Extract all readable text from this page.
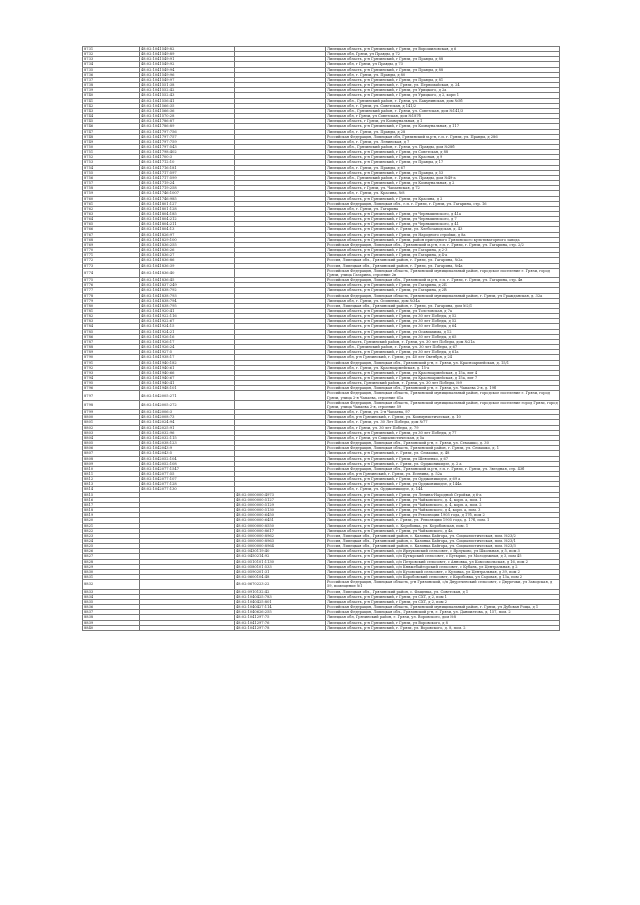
8731	48:02:1041549:82		Липецкая область, р-н Грязинский, г Грязи, ул Ворошиловская, д 6
8732	48:02:1041549:89		Липецкая обл, Грязи, ул Правды, д 72
8733	48:02:1041549:91		Липецкая область, р-н Грязинский, г Грязи, ул Правды, д 88
8734	48:02:1041549:92		Липецкая обл, г Грязи, ул Правды, д 73
8735	48:02:1041549:94		Липецкая область, р-н Грязинский, г Грязи, ул Правды, д 88
8736	48:02:1041549:96		Липецкая обл, г. Грязи, ул. Правды, д 80
8737	48:02:1041549:97		Липецкая область, р-н Грязинский, г Грязи, ул Правды, д 81
8738	48:02:1041551:38		Липецкая область, р-н Грязинский, г. Грязи, ул. Первомайская, д. 24
8739	48:02:1041552:42		Липецкая область, р-н Грязинский, г Грязи, ул Урицкого, д 2а
8740	48:02:1041552:43		Липецкая область, р-н Грязинский, г Грязи, ул Урицкого, д 2, корп 1
8741	48:02:1041556:41		Липецкая обл., Грязинский район, г. Грязи, ул. Бакунинская, дом №5б
8742	48:02:1041566:35		Липецкая обл, г. Грязи, ул. Советская, д 141/2
8743	48:02:1041566:36		Липецкая обл., Грязинский район, г. Грязи, ул. Советская, дом №141/3
8744	48:02:1041570:28		Липецкая обл, г Грязи, ул Советская, дом №187б
8745	48:02:1041786:87		Липецкая область, г Грязи, ул Коммунальная, д 1
8746	48:02:1041786:89		Липецкая область, р-н Грязинский, г Грязи, ул Коммунальная, д 117
8747	48:02:1041797:756		Липецкая обл, г. Грязи, ул. Правды, д 28
8748	48:02:1041797:757		Российская Федерация, Липецкая обл, Грязинский м.р-н, г.п. г. Грязи, ул. Правды, д 286
8749	48:02:1041797:759		Липецкая обл, г. Грязи, ул. Ленинская, д 7
8750	48:02:1041797:543		Липецкая обл., Грязинский район, г. Грязи, ул. Правды, дом №28б
8751	48:02:1041798:402		Липецкая область, р-н Грязинский, г Грязи, ул Советская, д 88
8752	48:02:1041700:3		Липецкая область, р-н Грязинский, г Грязи, ул Красная, д 9
8753	48:02:1041712:10		Липецкая область, р-н Грязинский, г Грязи, ул Правды, д 17
8754	48:02:1041716:181		Липецкая обл, г. Грязи, ул. Правды, д 67
8755	48:02:1041717:597		Липецкая область, р-н Грязинский, г Грязи, ул Правды, д 53
8756	48:02:1041717:599		Липецкая обл., Грязинский район, г. Грязи, ул. Правды, дом №49-а
8757	48:02:1041719:24		Липецкая область, р-н Грязинский, г Грязи, ул Коммунальная, д 2
8758	48:02:1041719:258		Липецкая область, г Грязи, ул. Чапаевская, д 72
8759	48:02:1041746:1007		Липецкая обл, г. Грязи, ул. Красина, №8
8760	48:02:1041746:985		Липецкая область, р-н Грязинский, г Грязи, ул Красина, д 2
8761	48:02:1041801:127		Российская Федерация, Липецкая обл., г.п. г. Грязи, г. Грязи, ул. Гагарина, стр. 16
8762	48:02:1041801:128		Липецкая обл, г. Грязи, ул. Гагарина
8763	48:02:1041804:185		Липецкая область, р-н Грязинский, г Грязи, ул Чернышевского, д 41а
8764	48:02:1041804:212		Липецкая область, р-н Грязинский, г Грязи, ул Чернышевского, д 7
8765	48:02:1041804:211		Липецкая область, р-н Грязинский, г Грязи, ул Чернышевского, д 41
8766	48:02:1041804:13		Липецкая область, р-н Грязинский, г. Грязи, ул. Хлебозаводская, д. 43
8767	48:02:1041826:97		Липецкая область, р-н Грязинский, г Грязи, ул Народного стройки, д 8а
8768	48:02:1041829:100		Липецкая область, р-н Грязинский, г Грязи, район пригодного Грязинского культиваторного завода
8769	48:02:1041836:255		Российская Федерация, Липецкая обл., Грязинский м.р-н, г.п. г. Грязи, г. Грязи, ул. Гагарина, стр. 2/2
8770	48:02:1041836:26		Липецкая область, р-н Грязинский, г Грязи, ул Гагарина, д 2-3
8771	48:02:1041836:27		Липецкая область, р-н Грязинский, г Грязи, ул Гагарина, д 4-а
8772	48:02:1041836:86		Россия, Липецкая обл., Грязинский район, г. Грязи, ул. Гагарина, №2а
8773	48:02:1041836:39		Россия, Липецкая обл., Грязинский район, г. Грязи, ул. Гагарина, №4а
8774	48:02:1041836:40		Российская Федерация, Липецкая область, Грязинский муниципальный район, городское поселение г. Грязи, город Грязи, улица Гагарина, строение 2в
8775	48:02:1041836:45		Российская Федерация, Липецкая обл., Грязинский м.р-н, г.п. г. Грязи, г. Грязи, ул. Гагарина, стр. 4в
8776	48:02:1041837:249		Липецкая область, р-н Грязинский, г Грязи, ул Гагарина, д 2Б
8777	48:02:1041838:792		Липецкая область, р-н Грязинский, г Грязи, ул Гагарина, д 2В
8778	48:02:1041838:793		Российская Федерация, Липецкая область, Грязинский муниципальный район, г. Грязи, ул Гражданская, д. 32а
8779	48:02:1041838:794		Липецкая обл, г. Грязи, ул. Осипенко, дом №34а
8780	48:02:1041838:795		Россия, Липецкая обл., Грязинский район, г. Грязи, ул. Гагарина, дом №2/1
8781	48:02:1041920:41		Липецкая область, р-н Грязинский, г Грязи, ул Толстовская, д 7а
8782	48:02:1041922:116		Липецкая область, р-н Грязинский, г Грязи, ул 30 лет Победы, д 52
8783	48:02:1041922:67		Липецкая область, р-н Грязинский, г Грязи, ул 30 лет Победы, д 52
8784	48:02:1041924:15		Липецкая область, р-н Грязинский, г Грязи, ул 30 лет Победы, д 64
8785	48:02:1041924:21		Липецкая область, р-н Грязинский, г Грязи, ул Осавиахима, д 12
8786	48:02:1041926:16		Липецкая область, р-н Грязинский, г Грязи, ул 30 лет Победы, д 65
8787	48:02:1041926:17		Липецкая область, Грязинский район, г. Грязи, ул. 30 лет Победы, дом №21а
8788	48:02:1041926:24		Липецкая обл., Грязинский район, г. Грязи, ул. 30 лет Победы, д 67
8789	48:02:1041927:5		Липецкая область, р-н Грязинский, г Грязи, ул 30 лет Победы, д 61а
8790	48:02:1041938:17		Липецкая обл, р-н Грязинский, г. Грязи, ул. 40 лет Октября, д 24
8791	48:02:1041940:182		Российская Федерация, Липецкая обл., Грязинский р-н, г. Грязи, ул. Красноармейская, д. 15/1
8792	48:02:1041940:61		Липецкая обл, г. Грязи, ул. Красноармейская, д. 15-а
8793	48:02:1041940:66		Липецкая область, р-н Грязинский, г Грязи, ул Красноармейская, д 15а, лит 4
8794	48:02:1041940:67		Липецкая область, р-н Грязинский, г Грязи, ул Красноармейская, д 15а, лит 7
8795	48:02:1041940:41		Липецкая область, Грязинский район, г. Грязи, ул. 30 лет Победы, №9
8796	48:02:1041948:101		Российская Федерация, Липецкая обл., Грязинский р-н, г. Грязи, ул. Чапаева 2-я, д. 19б
8797	48:02:1042005:271		Российская Федерация, Липецкая область, Грязинский муниципальный район, городское поселение г. Грязи, город Грязи, улица 2-я Чапаева, строение 61а
8798	48:02:1042005:272		Российская Федерация, Липецкая область, Грязинский муниципальный район, городское поселение город Грязи, город Грязи, улица Чапаева 2-я, строение 59
8799	48:02:1042006:3		Липецкая обл, г. Грязи, ул. 2-я Чапаева, 97
8800	48:02:1042008:73		Липецкая обл, р-н Грязинский, г. Грязи, ул. Коммунистическая, д. 10
8801	48:02:1042024:94		Липецкая обл, г. Грязи, ул. 30 Лет Победы, дом №77
8802	48:02:1042025:91		Липецкая обл, г Грязи, ул. 30 лет Победы, д. 79
8803	48:02:1042032:96		Липецкая область, р-н Грязинский, г Грязи, ул 30 лет Победы, д 77
8804	48:02:1042032:115		Липецкая обл, г Грязи, ул Социалистическая, д 5а
8805	48:02:1042038:123		Российская Федерация, Липецкая обл., Грязинский р-н, г. Грязи, ул. Семашко, д. 30
8806	48:02:1042043:9		Российская Федерация, Липецкая область, Грязинский район, г. Грязи, ул. Семашко, д. 1
8807	48:02:1042043:5		Липецкая область, р-н Грязинский, г. Грязи, ул. Семашко, д. 48
8808	48:02:1042052:104		Липецкая область, р-н Грязинский, г Грязи, ул Шевченко, д 67
8809	48:02:1042052:108		Липецкая область, р-н Грязинский, г. Грязи, ул. Орджоникидзе, д. 2 а
8810	48:02:1042077:1547		Российская Федерация, Липецкая обл., Грязинский м.р-н, г.п. г. Грязи, г. Грязи, ул. Звездная, стр. 43б
8811	48:02:1042077:55		Липецкая обл, р-н Грязинский, г. Грязи, ул. Есенина, д. 52а
8812	48:02:1042077:107		Липецкая область, р-н Грязинский, г Грязи, ул Орджоникидзе, д 69 а
8813	48:02:1042077:128		Липецкая область, р-н Грязинский, г Грязи, ул Орджоникидзе, д 144а
8814	48:02:1042077:130		Липецкая обл, г. Грязи, ул. Орджоникидзе, д. 144
8815		48:02:0000000:4973	Липецкая область, р-н Грязинский, г Грязи, ул Ленина-Народной Стройки, д 6-а
8816		48:02:0000000:5127	Липецкая область, р-н Грязинский, г Грязи, ул Чайковского, д. 4, корп. а, пом. 1
8817		48:02:0000000:5129	Липецкая область, р-н Грязинский, г Грязи, ул Чайковского, д. 4, корп. а, пом. 2
8818		48:02:0000000:5130	Липецкая область, р-н Грязинский, г Грязи, ул Чайковского, д 4, корп. а, пом. 3
8819		48:02:0000000:6450	Липецкая область, р-н Грязинский, г Грязи, ул Революции 1905 года, д 17б, пом 2
8820		48:02:0000000:6451	Липецкая область, р-н Грязинский, г. Грязи, ул. Революции 1905 года, д. 17б, пом. 1
8821		48:02:0000000:8550	Липецкая область, р-н Грязинский, с. Коробовка, ул. Коробовская, пом. 1
8822		48:02:0000000:8617	Липецкая область, р-н Грязинский, г Грязи, ул Чайковского, д 4а
8823		48:02:0000000:8962	Россия, Липецкая обл., Грязинский район, с. Казинка Байгора, ул. Социалистическая, пом. №23/2
8824		48:02:0000000:8963	Россия, Липецкая обл., Грязинский район, с. Казинка Байгора, ул. Социалистическая, пом. №23/1
8825		48:02:0000000:8964	Россия, Липецкая обл., Грязинский район, с. Казинка Байгора, ул. Социалистическая, пом. №23/3
8826		48:02:0430119:40	Липецкая область, р-н Грязинский, с/п Ярлуковский сельсовет, с Ярлуково, ул Школьная, д 5, пом 3
8827		48:02:0450214:92	Липецкая область, р-н Грязинский, с/п Бутырский сельсовет, с Бутырки, ул Молодежная, д 3, пом 45
8828		48:02:0510101:1130	Липецкая область, р-н Грязинский, с/п Петровский сельсовет, с Анновка, ул Комсомольская, д 16, пом 2
8829		48:02:0580101:533	Липецкая область, р-н Грязинский, с/п Княжебайгорский сельсовет, с Кубань, ул Центральная, д 2
8830		48:02:0590201:31	Липецкая область, р-н Грязинский, с/п Кузовский сельсовет, с Кузовка, ул Центральная, д 39, пом 2
8831		48:02:0600104:48	Липецкая область, р-н Грязинский, с/п Коробовский сельсовет, с Коробовка, ул Садовая, д 13а, пом 2
8832		48:02:0670223:22	Российская Федерация, Липецкая область, р-н Грязинский, с/п Двуреченский сельсовет, с Двуречки, ул Заводская, д 59, помещение №1
8833		48:02:0910132:42	Россия, Липецкая обл., Грязинский район, с. Фащевка, ул. Советская, д 1
8834		48:02:1040425:783	Липецкая область, р-н Грязинский, г Грязи, ул СХТ, д 2, пом 1
8835		48:02:1040425:801	Липецкая область, р-н Грязинский, г Грязи, ул СХТ, д 2, пом 2
8836		48:02:1040427:114	Российская Федерация, Липецкая область, Грязинский муниципальный район, г. Грязи, ул Дубовая Роща, д 1
8837		48:02:1040626:255	Российская Федерация, Липецкая обл., Грязинский р-н, г. Грязи, ул. Даниилтова, д. 157, пом. 2
8838		48:02:1041297:75	Липецкая обл, Грязинский район, г. Грязи, ул. Воровского, дом №8
8839		48:02:1041297:76	Липецкая область, р-н Грязинский, г Грязи, ул Воровского, д 8
8840		48:02:1041297:78	Липецкая область, р-н Грязинский, г. Грязи, ул. Воровского, д. 8, пом. 2
